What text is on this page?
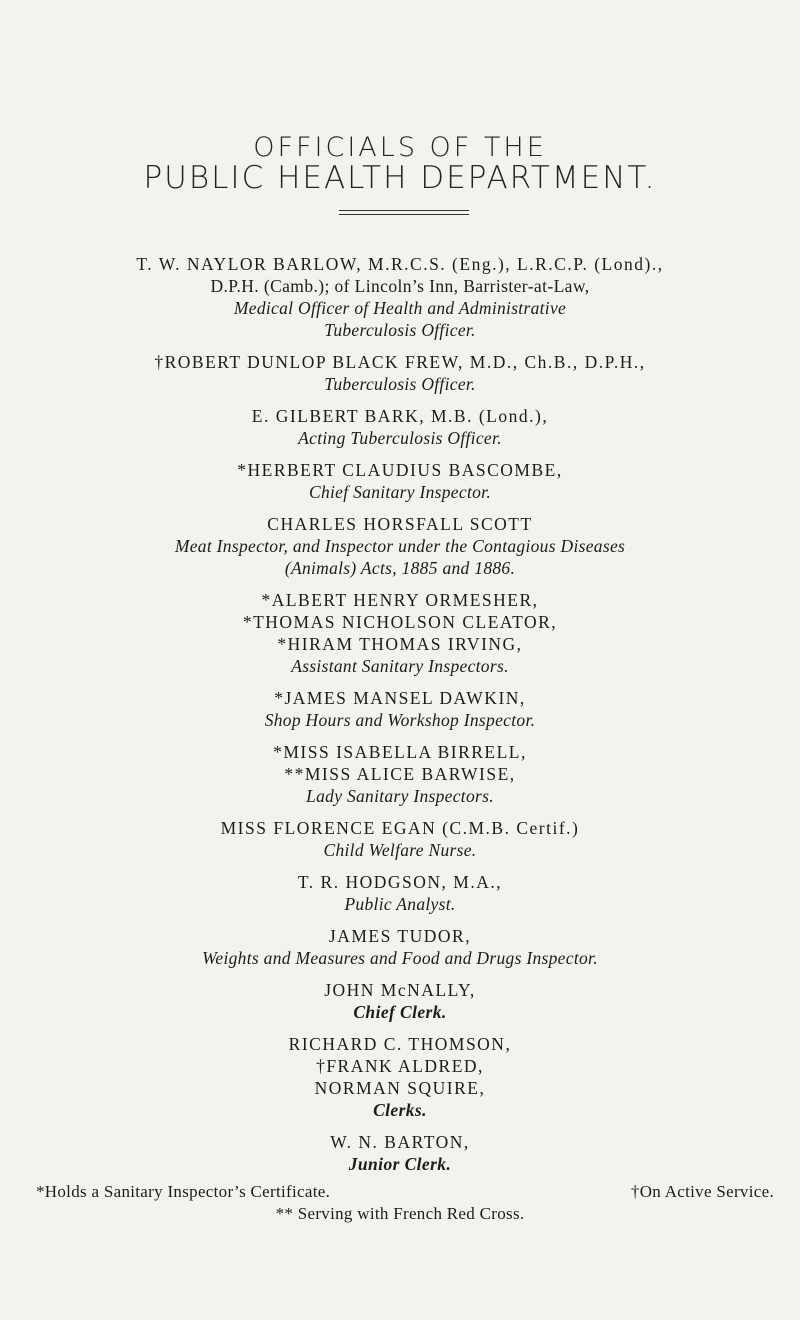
OFFICIALS OF THE
PUBLIC HEALTH DEPARTMENT.
T. W. NAYLOR BARLOW, M.R.C.S. (Eng.), L.R.C.P. (Lond).,
D.P.H. (Camb.); of Lincoln’s Inn, Barrister-at-Law,
Medical Officer of Health and Administrative
Tuberculosis Officer.
†ROBERT DUNLOP BLACK FREW, M.D., Ch.B., D.P.H.,
Tuberculosis Officer.
E. GILBERT BARK, M.B. (Lond.),
Acting Tuberculosis Officer.
*HERBERT CLAUDIUS BASCOMBE,
Chief Sanitary Inspector.
CHARLES HORSFALL SCOTT
Meat Inspector, and Inspector under the Contagious Diseases
(Animals) Acts, 1885 and 1886.
*ALBERT HENRY ORMESHER,
*THOMAS NICHOLSON CLEATOR,
*HIRAM THOMAS IRVING,
Assistant Sanitary Inspectors.
*JAMES MANSEL DAWKIN,
Shop Hours and Workshop Inspector.
*MISS ISABELLA BIRRELL,
**MISS ALICE BARWISE,
Lady Sanitary Inspectors.
MISS FLORENCE EGAN (C.M.B. Certif.)
Child Welfare Nurse.
T. R. HODGSON, M.A.,
Public Analyst.
JAMES TUDOR,
Weights and Measures and Food and Drugs Inspector.
JOHN McNALLY,
Chief Clerk.
RICHARD C. THOMSON,
†FRANK ALDRED,
NORMAN SQUIRE,
Clerks.
W. N. BARTON,
Junior Clerk.
*Holds a Sanitary Inspector’s Certificate.	†On Active Service.
** Serving with French Red Cross.
